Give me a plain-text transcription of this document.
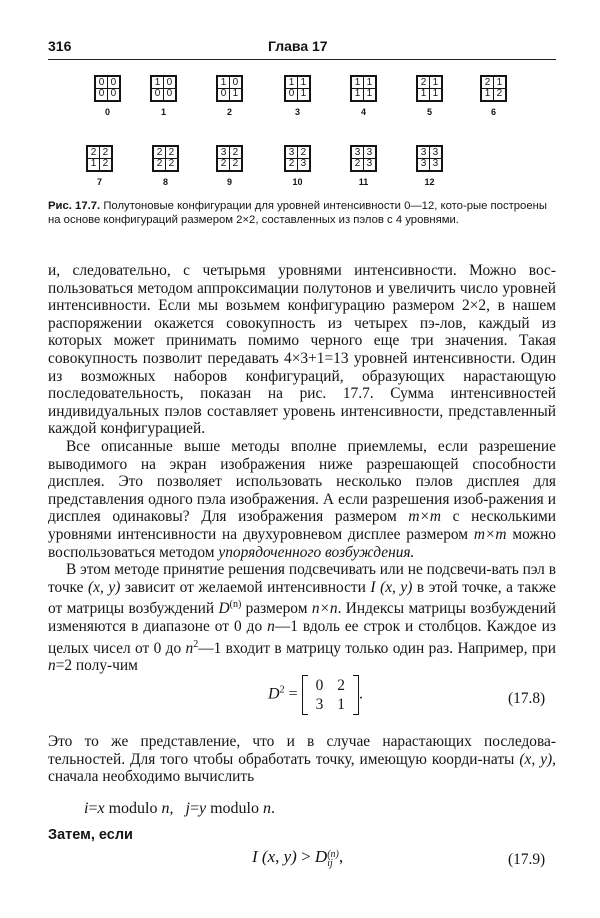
316	Глава 17
0 0
0 0
0
1 0
0 0
1
1 0
0 1
2
1 1
0 1
3
1 1
1 1
4
2 1
1 1
5
2 1
1 2
6
2 2
1 2
7
2 2
2 2
8
3 2
2 2
9
3 2
2 3
10
3 3
2 3
11
3 3
3 3
12
Рис. 17.7. Полутоновые конфигурации для уровней интенсивности 0—12, кото-рые построены на основе конфигураций размером 2×2, составленных из пэлов с 4 уровнями.

и, следовательно, с четырьмя уровнями интенсивности. Можно вос-пользоваться методом аппроксимации полутонов и увеличить число уровней интенсивности. Если мы возьмем конфигурацию размером 2×2, в нашем распоряжении окажется совокупность из четырех пэ-лов, каждый из которых может принимать помимо черного еще три значения. Такая совокупность позволит передавать 4×3+1=13 уровней интенсивности. Один из возможных наборов конфигураций, образующих нарастающую последовательность, показан на рис. 17.7. Сумма интенсивностей индивидуальных пэлов составляет уровень интенсивности, представленный каждой конфигурацией.

Все описанные выше методы вполне приемлемы, если разрешение выводимого на экран изображения ниже разрешающей способности дисплея. Это позволяет использовать несколько пэлов дисплея для представления одного пэла изображения. А если разрешения изоб-ражения и дисплея одинаковы? Для изображения размером m×m с несколькими уровнями интенсивности на двухуровневом дисплее размером m×m можно воспользоваться методом упорядоченного возбуждения.

В этом методе принятие решения подсвечивать или не подсвечи-вать пэл в точке (x, y) зависит от желаемой интенсивности I (x, y) в этой точке, а также от матрицы возбуждений $D^{(n)}$ размером n×n. Индексы матрицы возбуждений изменяются в диапазоне от 0 до n—1 вдоль ее строк и столбцов. Каждое из целых чисел от 0 до $n^2—1$ входит в матрицу только один раз. Например, при n=2 полу-чим

$D^2$ =
0	2
3	1
.	(17.8)

Это то же представление, что и в случае нарастающих последова-тельностей. Для того чтобы обработать точку, имеющую коорди-наты (x, y), сначала необходимо вычислить

i=x modulo n, j=y modulo n.
Затем, если
I (x, y) > D (n)
ij ,	(17.9)
